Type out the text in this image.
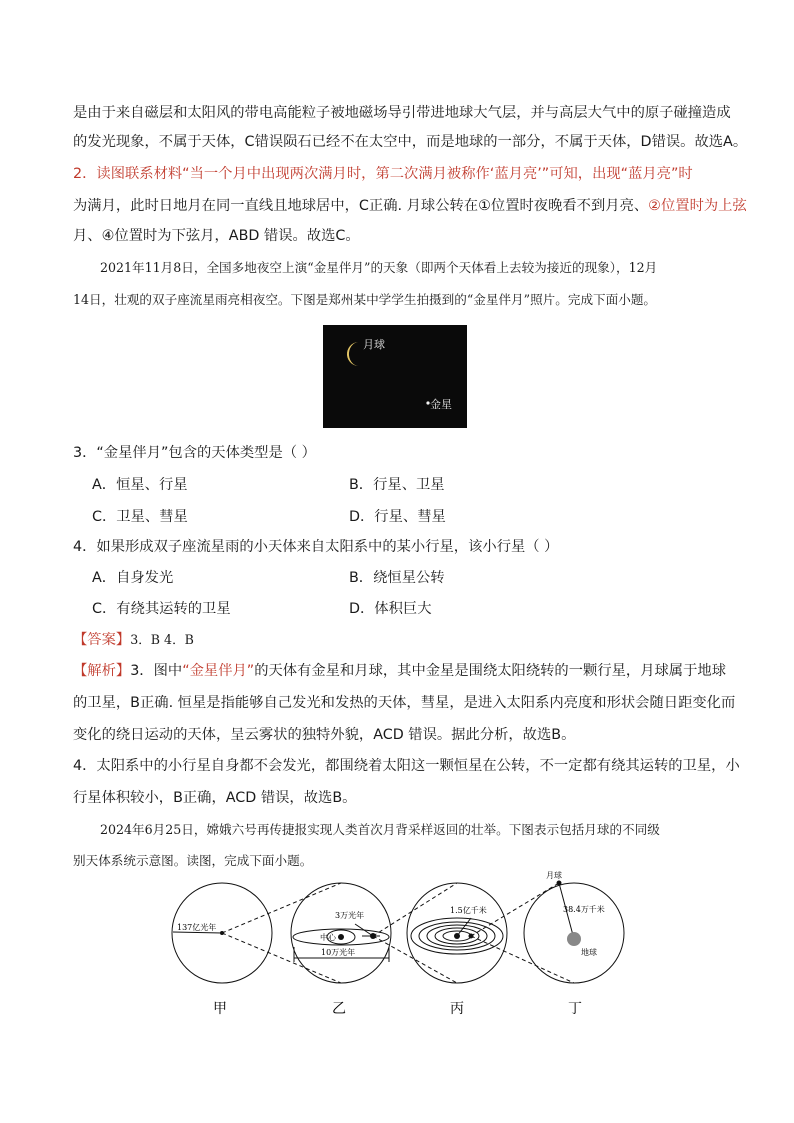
是由于来自磁层和太阳风的带电高能粒子被地磁场导引带进地球大气层，并与高层大气中的原子碰撞造成
的发光现象，不属于天体，C错误陨石已经不在太空中，而是地球的一部分，不属于天体，D错误。故选A。
2．读图联系材料“当一个月中出现两次满月时，第二次满月被称作‘蓝月亮’”可知，出现“蓝月亮”时
为满月，此时日地月在同一直线且地球居中，C正确. 月球公转在①位置时夜晚看不到月亮、②位置时为上弦
月、④位置时为下弦月，ABD 错误。故选C。
2021年11月8日，全国多地夜空上演“金星伴月”的天象（即两个天体看上去较为接近的现象），12月
14日，壮观的双子座流星雨亮相夜空。下图是郑州某中学学生拍摄到的“金星伴月”照片。完成下面小题。
月球
金星
3．“金星伴月”包含的天体类型是（ ）
A．恒星、行星	B．行星、卫星
C．卫星、彗星	D．行星、彗星
4．如果形成双子座流星雨的小天体来自太阳系中的某小行星，该小行星（ ）
A．自身发光	B．绕恒星公转
C．有绕其运转的卫星	D．体积巨大
【答案】3．B 4．B
【解析】3．图中“金星伴月”的天体有金星和月球，其中金星是围绕太阳绕转的一颗行星，月球属于地球
的卫星，B正确. 恒星是指能够自己发光和发热的天体，彗星，是进入太阳系内亮度和形状会随日距变化而
变化的绕日运动的天体，呈云雾状的独特外貌，ACD 错误。据此分析，故选B。
4．太阳系中的小行星自身都不会发光，都围绕着太阳这一颗恒星在公转，不一定都有绕其运转的卫星，小
行星体积较小，B正确，ACD 错误，故选B。
2024年6月25日，嫦娥六号再传捷报实现人类首次月背采样返回的壮举。下图表示包括月球的不同级
别天体系统示意图。读图，完成下面小题。
137亿光年
3万光年
中心
10万光年
1.5亿千米
月球
38.4万千米
地球
甲	乙	丙	丁
